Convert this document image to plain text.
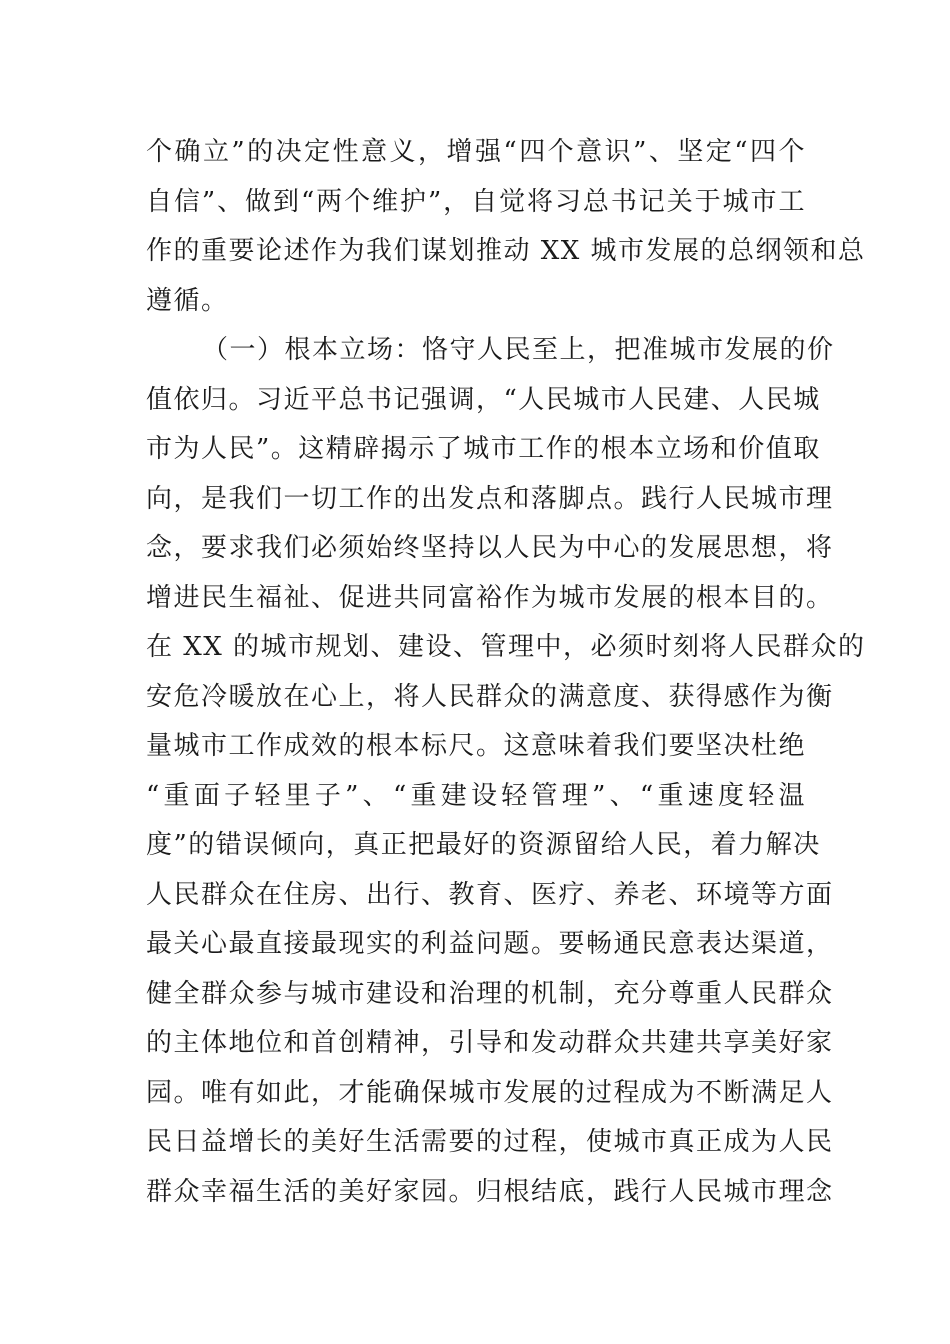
个确立”的决定性意义，增强“四个意识”、坚定“四个
自信”、做到“两个维护”，自觉将习总书记关于城市工
作的重要论述作为我们谋划推动 XX 城市发展的总纲领和总
遵循。
（一）根本立场：恪守人民至上，把准城市发展的价
值依归。习近平总书记强调，“人民城市人民建、人民城
市为人民”。这精辟揭示了城市工作的根本立场和价值取
向，是我们一切工作的出发点和落脚点。践行人民城市理
念，要求我们必须始终坚持以人民为中心的发展思想，将
增进民生福祉、促进共同富裕作为城市发展的根本目的。
在 XX 的城市规划、建设、管理中，必须时刻将人民群众的
安危冷暖放在心上，将人民群众的满意度、获得感作为衡
量城市工作成效的根本标尺。这意味着我们要坚决杜绝
“重面子轻里子”、“重建设轻管理”、“重速度轻温
度”的错误倾向，真正把最好的资源留给人民，着力解决
人民群众在住房、出行、教育、医疗、养老、环境等方面
最关心最直接最现实的利益问题。要畅通民意表达渠道，
健全群众参与城市建设和治理的机制，充分尊重人民群众
的主体地位和首创精神，引导和发动群众共建共享美好家
园。唯有如此，才能确保城市发展的过程成为不断满足人
民日益增长的美好生活需要的过程，使城市真正成为人民
群众幸福生活的美好家园。归根结底，践行人民城市理念
